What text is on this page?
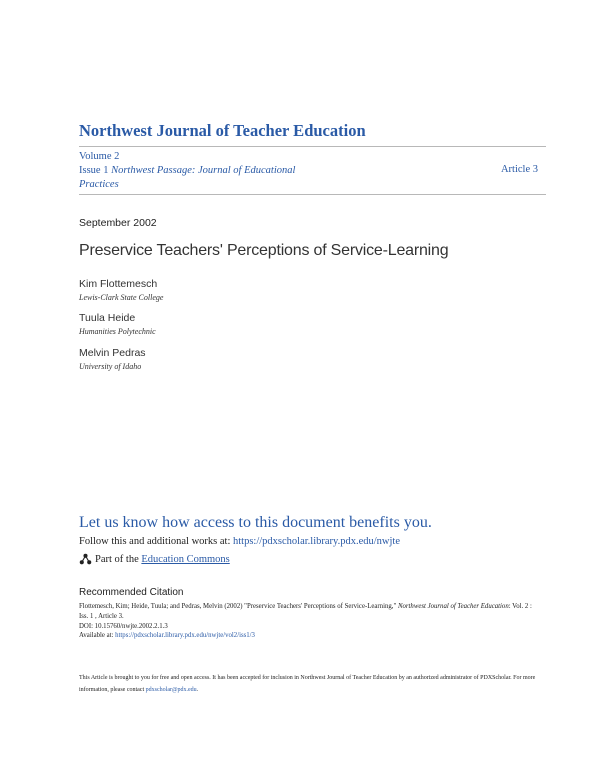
Northwest Journal of Teacher Education
Volume 2
Issue 1 Northwest Passage: Journal of Educational Practices
Article 3
September 2002
Preservice Teachers' Perceptions of Service-Learning
Kim Flottemesch
Lewis-Clark State College
Tuula Heide
Humanities Polytechnic
Melvin Pedras
University of Idaho
Let us know how access to this document benefits you.
Follow this and additional works at: https://pdxscholar.library.pdx.edu/nwjte
Part of the
Education Commons
Recommended Citation
Flottemesch, Kim; Heide, Tuula; and Pedras, Melvin (2002) "Preservice Teachers' Perceptions of Service-Learning," Northwest Journal of Teacher Education: Vol. 2 : Iss. 1 , Article 3.
DOI: 10.15760/nwjte.2002.2.1.3
Available at: https://pdxscholar.library.pdx.edu/nwjte/vol2/iss1/3
This Article is brought to you for free and open access. It has been accepted for inclusion in Northwest Journal of Teacher Education by an authorized administrator of PDXScholar. For more information, please contact pdxscholar@pdx.edu.
